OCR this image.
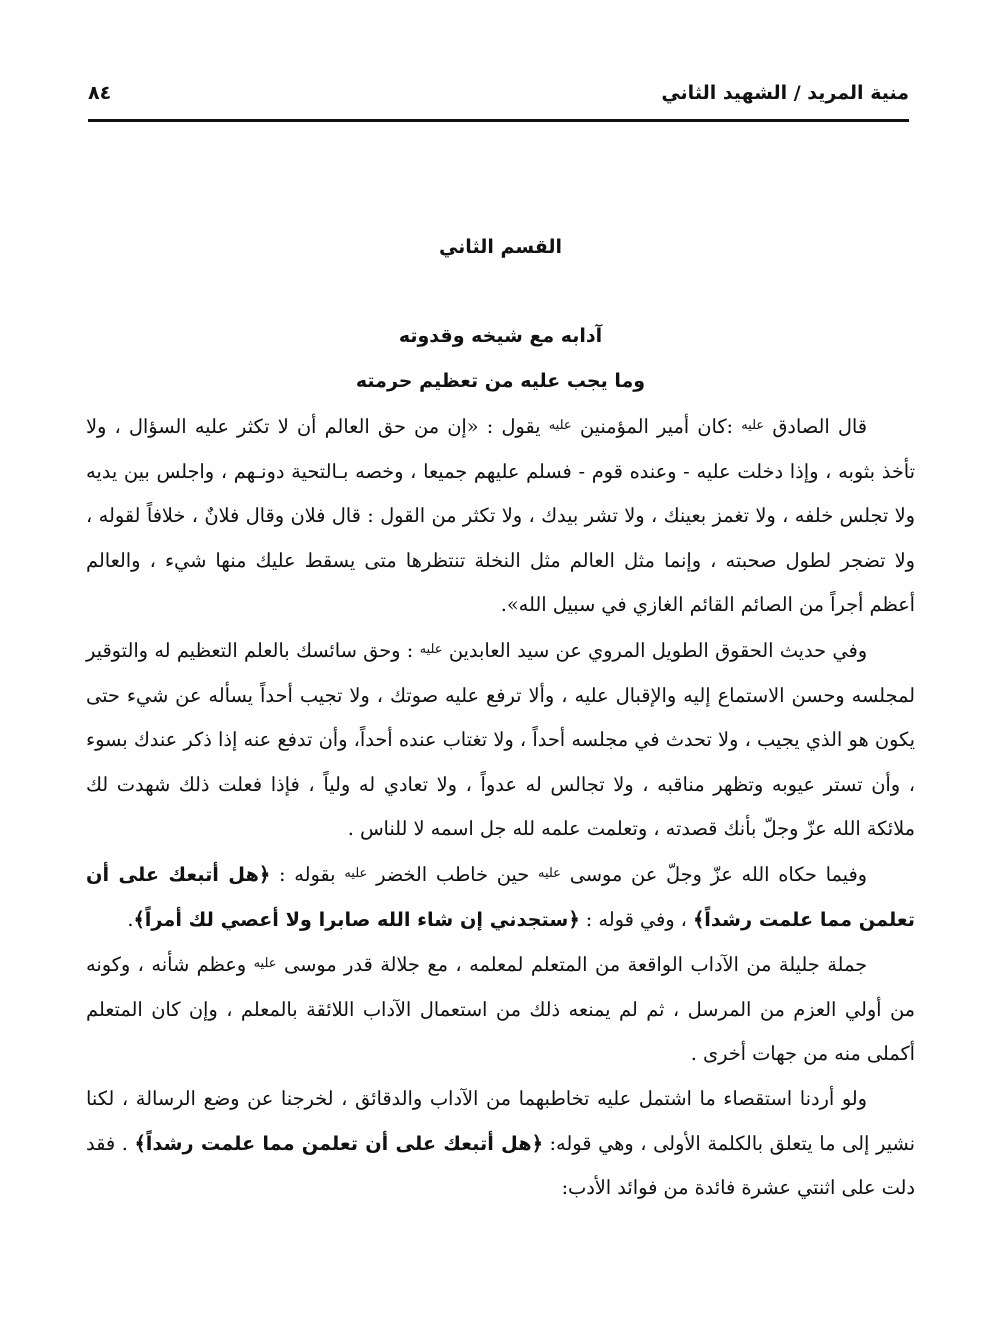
منية المريد / الشهيد الثاني
٨٤
القسم الثاني
آدابه مع شيخه وقدوته
وما يجب عليه من تعظيم حرمته

قال الصادق $^{عليه}$ :كان أمير المؤمنين $^{عليه}$ يقول : «إن من حق العالم أن لا تكثر عليه السؤال ، ولا تأخذ بثوبه ، وإذا دخلت عليه - وعنده قوم - فسلم عليهم جميعا ، وخصه بـالتحية دونـهم ، واجلس بين يديه ولا تجلس خلفه ، ولا تغمز بعينك ، ولا تشر بيدك ، ولا تكثر من القول : قال فلان وقال فلانٌ ، خلافاً لقوله ، ولا تضجر لطول صحبته ، وإنما مثل العالم مثل النخلة تنتظرها متى يسقط عليك منها شيء ، والعالم أعظم أجراً من الصائم القائم الغازي في سبيل الله».

وفي حديث الحقوق الطويل المروي عن سيد العابدين $^{عليه}$ : وحق سائسك بالعلم التعظيم له والتوقير لمجلسه وحسن الاستماع إليه والإقبال عليه ، وألا ترفع عليه صوتك ، ولا تجيب أحداً يسأله عن شيء حتى يكون هو الذي يجيب ، ولا تحدث في مجلسه أحداً ، ولا تغتاب عنده أحداً، وأن تدفع عنه إذا ذكر عندك بسوء ، وأن تستر عيوبه وتظهر مناقبه ، ولا تجالس له عدواً ، ولا تعادي له ولياً ، فإذا فعلت ذلك شهدت لك ملائكة الله عزّ وجلّ بأنك قصدته ، وتعلمت علمه لله جل اسمه لا للناس .

وفيما حكاه الله عزّ وجلّ عن موسى $^{عليه}$ حين خاطب الخضر $^{عليه}$ بقوله : ﴿هل أتبعك على أن تعلمن مما علمت رشداً﴾ ، وفي قوله : ﴿ستجدني إن شاء الله صابرا ولا أعصي لك أمراً﴾.

جملة جليلة من الآداب الواقعة من المتعلم لمعلمه ، مع جلالة قدر موسى $^{عليه}$ وعظم شأنه ، وكونه من أولي العزم من المرسل ، ثم لم يمنعه ذلك من استعمال الآداب اللائقة بالمعلم ، وإن كان المتعلم أكملى منه من جهات أخرى .

ولو أردنا استقصاء ما اشتمل عليه تخاطبهما من الآداب والدقائق ، لخرجنا عن وضع الرسالة ، لكنا نشير إلى ما يتعلق بالكلمة الأولى ، وهي قوله: ﴿هل أتبعك على أن تعلمن مما علمت رشداً﴾ . فقد دلت على اثنتي عشرة فائدة من فوائد الأدب:
